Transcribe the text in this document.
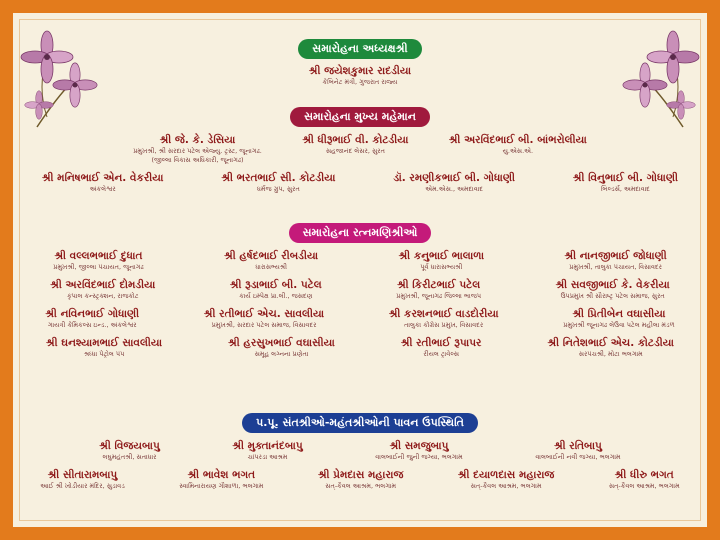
સમારોહના અધ્યક્ષશ્રી
શ્રી જયેશકુમાર રાદડીયા
કેબિનેટ મંત્રી, ગુજરાત રાજ્ય
સમારોહના મુખ્ય મહેમાન
શ્રી જે. કે. ડેસિયા
પ્રમુખશ્રી, શ્રી સરદાર પટેલ એજ્યુ. ટ્રસ્ટ, જૂનાગઢ.
(જીલ્લા વિકાસ અધિકારી, જૂનાગઢ)
શ્રી ધીરૂભાઈ વી. કોટડીયા
સહજાનંદ લેસર, સુરત
શ્રી અરવિંદભાઈ બી. બાંભરોલીયા
યુ.એસ.એ.
શ્રી મનિષભાઈ એન. વેકરીયા
અંકલેશ્વર
શ્રી ભરતભાઈ સી. કોટડીયા
ધર્મજ ગ્રુપ, સુરત
ડૉ. રમણીકભાઈ બી. ગોધાણી
એમ.એસ., અમદાવાદ
શ્રી વિનુભાઈ બી. ગોધાણી
બિલ્ડર્સ, અમદાવાદ
સમારોહના રત્નમણિશ્રીઓ
શ્રી વલ્લભભાઈ દુધાત
પ્રમુખશ્રી, જીલ્લા પંચાયત, જૂનાગઢ
શ્રી હર્ષદભાઈ રીબડીયા
ધારાસભ્યશ્રી
શ્રી કનુભાઈ ભાલાળા
પૂર્વ ધારાસભ્યશ્રી
શ્રી નાનજીભાઈ જોધાણી
પ્રમુખશ્રી, તાલુકા પંચાયત, વિસાવદર
શ્રી અરવિંદભાઈ દોમડીયા
કૃપાલ કન્સ્ટ્રક્શન, રાજકોટ
શ્રી રૂડાભાઈ બી. પટેલ
કાર્ય ઇમ્પેક્ષ પ્રા.લી., જસદણ
શ્રી કિરીટભાઈ પટેલ
પ્રમુખશ્રી, જૂનાગઢ જિલ્લા ભાજપ
શ્રી સવજીભાઈ કે. વેકરીયા
ઉપપ્રમુખ શ્રી સૌરાષ્ટ્ર પટેલ સમાજ, સુરત
શ્રી નવિનભાઈ ગોધાણી
ગાયત્રી કેમિકલ્સ ઇન્ડ., અંકલેશ્વર
શ્રી રતીભાઈ એચ. સાવલીયા
પ્રમુખશ્રી, સરદાર પટેલ સમાજ, વિસાવદર
શ્રી કરશનભાઈ વાડદોરીયા
તાલુકા કોંગ્રેસ પ્રમુખ, વિસાવદર
શ્રી પ્રિતીબેન વઘાસીયા
પ્રમુખશ્રી જૂનાગઢ લેઉવા પટેલ મહીલા મંડળ
શ્રી ઘનશ્યામભાઈ સાવલીયા
શ્રધ્ધા પેટ્રોલ પંપ
શ્રી હરસુખભાઈ વઘાસીયા
સમૂહ લગ્નના પ્રણેતા
શ્રી રતીભાઈ રૂપાપર
રીયલ ટ્રાવેલ્સ
શ્રી નિતેશભાઈ એચ. કોટડીયા
સરપંચશ્રી, મોટા ભલગામ
પ.પૂ. સંતશ્રીઓ-મહંતશ્રીઓની પાવન ઉપસ્થિતિ
શ્રી વિજયબાપુ
લઘુમહંતશ્રી, સતાધાર
શ્રી મુક્તાનંદબાપુ
ચાંપરડા આશ્રમ
શ્રી સમજુબાપુ
વાલબાઈની જુની જગ્યા, ભલગામ
શ્રી રતિબાપુ
વાલબાઈની નવી જગ્યા, ભલગામ
શ્રી સીતારામબાપુ
આઈ શ્રી ખોડીયાર મંદિર, સુડાવડ
શ્રી ભાવેશ ભગત
સ્વામિનારાયણ ગૌશાળા, ભલગામ
શ્રી પ્રેમદાસ મહારાજ
સત્-કૈવલ આશ્રમ, ભલગામ
શ્રી દયાળદાસ મહારાજ
સત્-કૈવલ આશ્રમ, ભલગામ
શ્રી ધીરુ ભગત
સત્-કૈવલ આશ્રમ, ભલગામ
